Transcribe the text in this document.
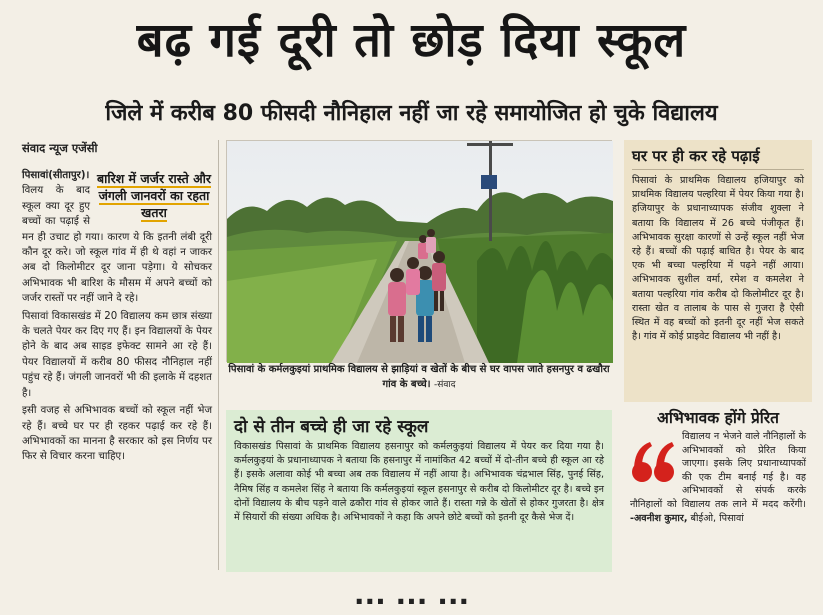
बढ़ गई दूरी तो छोड़ दिया स्कूल
जिले में करीब 80 फीसदी नौनिहाल नहीं जा रहे समायोजित हो चुके विद्यालय
संवाद न्यूज एजेंसी

पिसावां(सीतापुर)। बारिश में जर्जर रास्ते और जंगली जानवरों का रहता खतरा
विलय के बाद स्कूल क्या दूर हुए बच्चों का पढ़ाई से मन ही उचाट हो गया। कारण ये कि इतनी लंबी दूरी कौन दूर करे। जो स्कूल गांव में ही थे वहां न जाकर अब दो किलोमीटर दूर जाना पड़ेगा। ये सोचकर अभिभावक भी बारिश के मौसम में अपने बच्चों को जर्जर रास्तों पर नहीं जाने दे रहे।

पिसावां विकासखंड में 20 विद्यालय कम छात्र संख्या के चलते पेयर कर दिए गए हैं। इन विद्यालयों के पेयर होने के बाद अब साइड इफेक्ट सामने आ रहे हैं। पेयर विद्यालयों में करीब 80 फीसद नौनिहाल नहीं पहुंच रहे हैं। जंगली जानवरों भी की इलाके में दहशत है।

इसी वजह से अभिभावक बच्चों को स्कूल नहीं भेज रहे हैं। बच्चे घर पर ही रहकर पढ़ाई कर रहे हैं। अभिभावकों का मानना है सरकार को इस निर्णय पर फिर से विचार करना चाहिए।

पिसावां के कर्मलकुइयां प्राथमिक विद्यालय से झाड़ियां व खेतों के बीच से घर वापस जाते हसनपुर व ढखौरा गांव के बच्चे। -संवाद
दो से तीन बच्चे ही जा रहे स्कूल
विकासखंड पिसावां के प्राथमिक विद्यालय हसनापुर को कर्मलकुइयां विद्यालय में पेयर कर दिया गया है। कर्मलकुइयां के प्रधानाध्यापक ने बताया कि हसनापुर में नामांकित 42 बच्चों में दो-तीन बच्चे ही स्कूल आ रहे हैं। इसके अलावा कोई भी बच्चा अब तक विद्यालय में नहीं आया है। अभिभावक चंद्रभाल सिंह, पुनई सिंह, नैमिष सिंह व कमलेश सिंह ने बताया कि कर्मलकुइयां स्कूल हसनापुर से करीब दो किलोमीटर दूर है। बच्चे इन दोनों विद्यालय के बीच पड़ने वाले ढकौरा गांव से होकर जाते हैं। रास्ता गन्ने के खेतों से होकर गुजरता है। क्षेत्र में सियारों की संख्या अधिक है। अभिभावकों ने कहा कि अपने छोटे बच्चों को इतनी दूर कैसे भेज दें।
घर पर ही कर रहे पढ़ाई
पिसावां के प्राथमिक विद्यालय हजियापुर को प्राथमिक विद्यालय पल्हरिया में पेयर किया गया है। हजियापुर के प्रधानाध्यापक संजीव शुक्ला ने बताया कि विद्यालय में 26 बच्चे पंजीकृत हैं। अभिभावक सुरक्षा कारणों से उन्हें स्कूल नहीं भेज रहे हैं। बच्चों की पढ़ाई बाधित है। पेयर के बाद एक भी बच्चा पल्हरिया में पढ़ने नहीं आया। अभिभावक सुशील वर्मा, रमेश व कमलेश ने बताया पल्हरिया गांव करीब दो किलोमीटर दूर है। रास्ता खेत व तालाब के पास से गुजरा है ऐसी स्थित में वह बच्चों को इतनी दूर नहीं भेज सकते है। गांव में कोई प्राइवेट विद्यालय भी नहीं है।
अभिभावक होंगे प्रेरित
विद्यालय न भेजने वाले नौनिहालों के अभिभावकों को प्रेरित किया जाएगा। इसके लिए प्रधानाध्यापकों की एक टीम बनाई गई है। वह अभिभावकों से संपर्क करके नौनिहालों को विद्यालय तक लाने में मदद करेंगी। -अवनीश कुमार, बीईओ, पिसावां
... ... ...
